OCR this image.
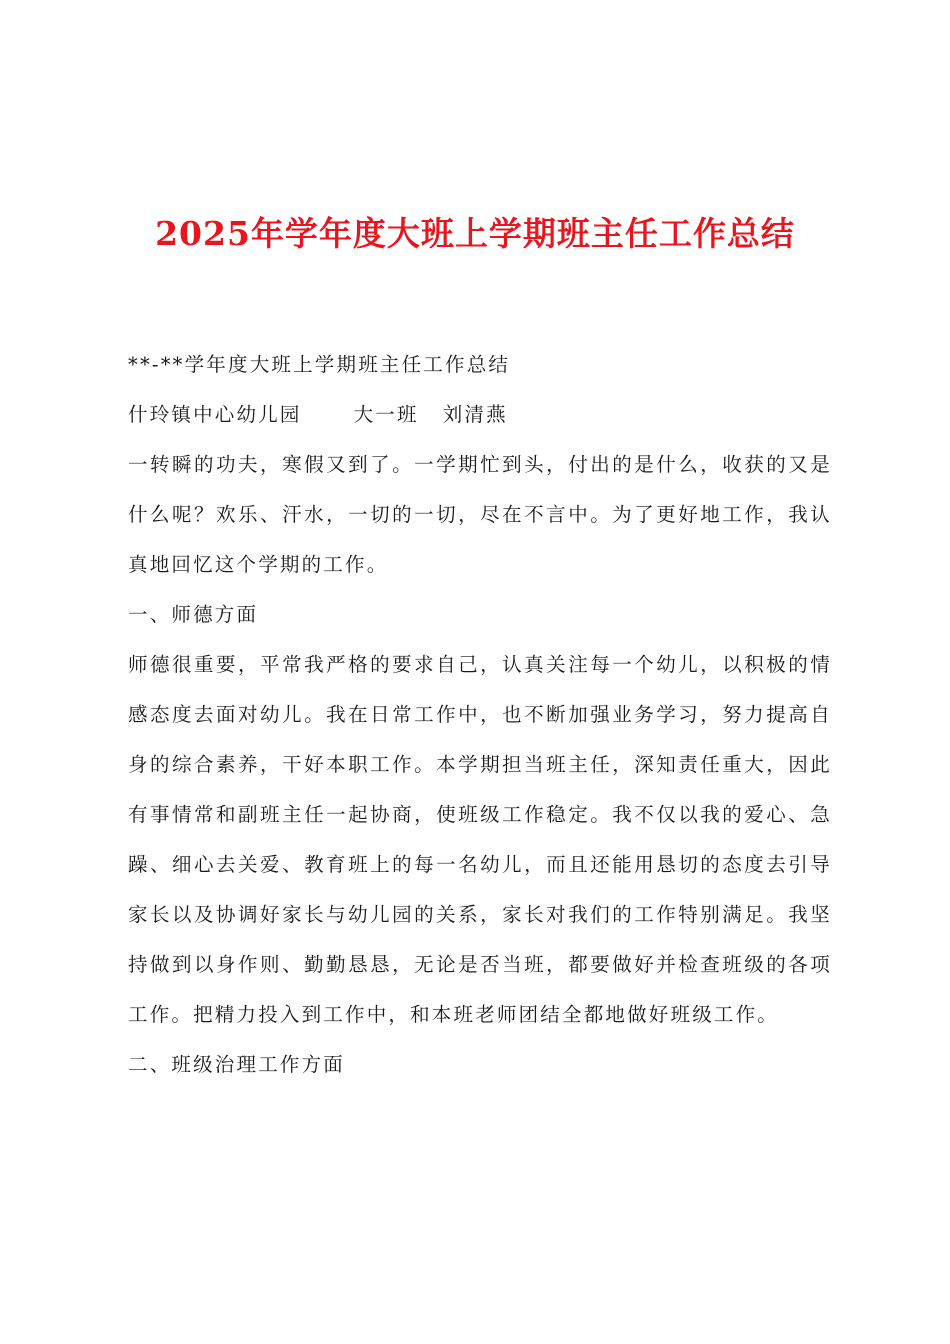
2025年学年度大班上学期班主任工作总结

**-**学年度大班上学期班主任工作总结

什玲镇中心幼儿园	大一班 刘清燕

一转瞬的功夫，寒假又到了。一学期忙到头，付出的是什么，收获的又是什么呢？欢乐、汗水，一切的一切，尽在不言中。为了更好地工作，我认真地回忆这个学期的工作。

一、师德方面

师德很重要，平常我严格的要求自己，认真关注每一个幼儿，以积极的情感态度去面对幼儿。我在日常工作中，也不断加强业务学习，努力提高自身的综合素养，干好本职工作。本学期担当班主任，深知责任重大，因此有事情常和副班主任一起协商，使班级工作稳定。我不仅以我的爱心、急躁、细心去关爱、教育班上的每一名幼儿，而且还能用恳切的态度去引导家长以及协调好家长与幼儿园的关系，家长对我们的工作特别满足。我坚持做到以身作则、勤勤恳恳，无论是否当班，都要做好并检查班级的各项工作。把精力投入到工作中，和本班老师团结全都地做好班级工作。

二、班级治理工作方面
